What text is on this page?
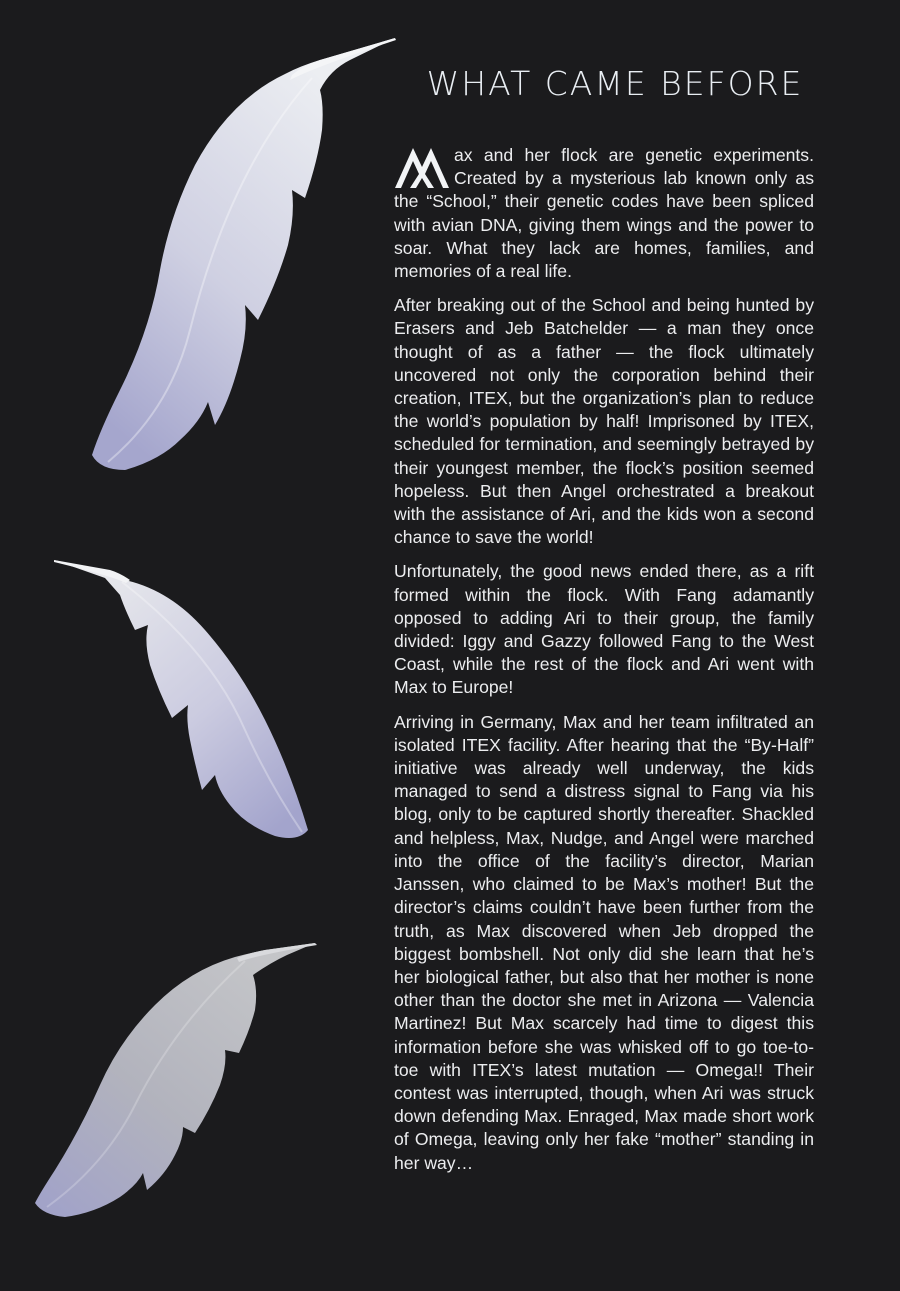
WHAT CAME BEFORE

ax and her flock are genetic experiments. Created by a mysterious lab known only as the “School,” their genetic codes have been spliced with avian DNA, giving them wings and the power to soar. What they lack are homes, families, and memories of a real life.

After breaking out of the School and being hunted by Erasers and Jeb Batchelder — a man they once thought of as a father — the flock ultimately uncovered not only the corporation behind their creation, ITEX, but the organization’s plan to reduce the world’s population by half! Imprisoned by ITEX, scheduled for termination, and seemingly betrayed by their youngest member, the flock’s position seemed hopeless. But then Angel orchestrated a breakout with the assistance of Ari, and the kids won a second chance to save the world!

Unfortunately, the good news ended there, as a rift formed within the flock. With Fang adamantly opposed to adding Ari to their group, the family divided: Iggy and Gazzy followed Fang to the West Coast, while the rest of the flock and Ari went with Max to Europe!

Arriving in Germany, Max and her team infiltrated an isolated ITEX facility. After hearing that the “By-Half” initiative was already well underway, the kids managed to send a distress signal to Fang via his blog, only to be captured shortly thereafter. Shackled and helpless, Max, Nudge, and Angel were marched into the office of the facility’s director, Marian Janssen, who claimed to be Max’s mother! But the director’s claims couldn’t have been further from the truth, as Max discovered when Jeb dropped the biggest bombshell. Not only did she learn that he’s her biological father, but also that her mother is none other than the doctor she met in Arizona — Valencia Martinez! But Max scarcely had time to digest this information before she was whisked off to go toe-to-toe with ITEX’s latest mutation — Omega!! Their contest was interrupted, though, when Ari was struck down defending Max. Enraged, Max made short work of Omega, leaving only her fake “mother” standing in her way…
